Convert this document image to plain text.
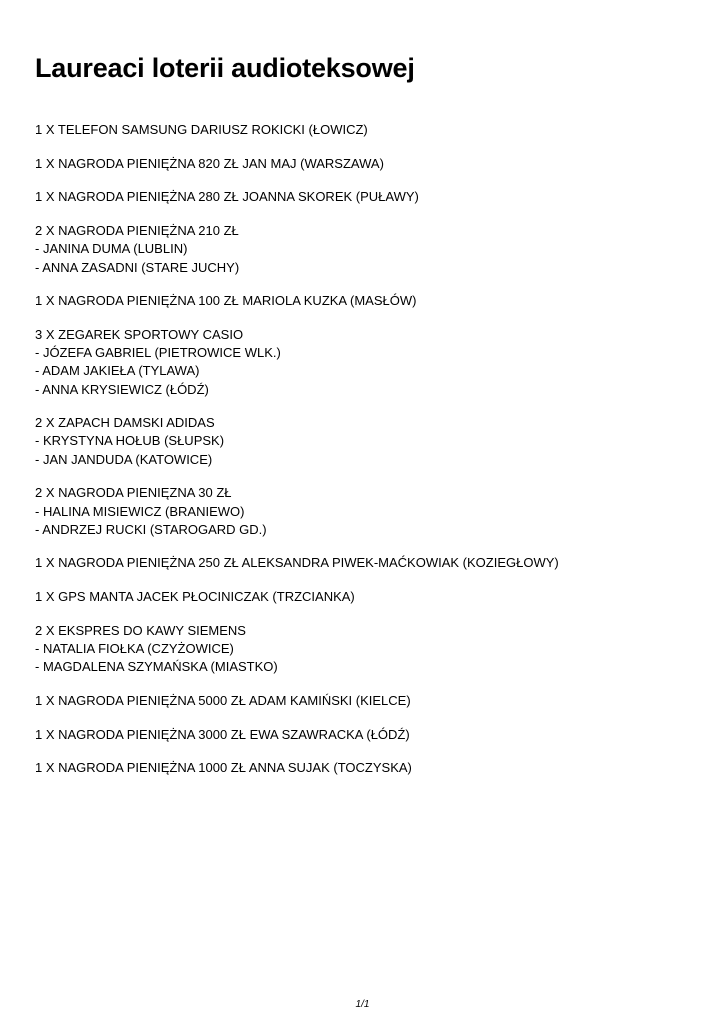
Laureaci loterii audioteksowej
1 X TELEFON SAMSUNG DARIUSZ ROKICKI (ŁOWICZ)
1 X NAGRODA PIENIĘŻNA 820 ZŁ JAN MAJ (WARSZAWA)
1 X NAGRODA PIENIĘŻNA 280 ZŁ JOANNA SKOREK (PUŁAWY)
2 X NAGRODA PIENIĘŻNA 210 ZŁ
- JANINA DUMA (LUBLIN)
- ANNA ZASADNI (STARE JUCHY)
1 X NAGRODA PIENIĘŻNA 100 ZŁ MARIOLA KUZKA (MASŁÓW)
3 X ZEGAREK SPORTOWY CASIO
- JÓZEFA GABRIEL (PIETROWICE WLK.)
- ADAM JAKIEŁA (TYLAWA)
- ANNA KRYSIEWICZ (ŁÓDŹ)
2 X ZAPACH DAMSKI ADIDAS
- KRYSTYNA HOŁUB (SŁUPSK)
- JAN JANDUDA (KATOWICE)
2 X NAGRODA PIENIĘZNA 30 ZŁ
- HALINA MISIEWICZ (BRANIEWO)
- ANDRZEJ RUCKI (STAROGARD GD.)
1 X NAGRODA PIENIĘŻNA 250 ZŁ ALEKSANDRA PIWEK-MAĆKOWIAK (KOZIEGŁOWY)
1 X GPS MANTA JACEK PŁOCINICZAK (TRZCIANKA)
2 X EKSPRES DO KAWY SIEMENS
- NATALIA FIOŁKA (CZYŻOWICE)
- MAGDALENA SZYMAŃSKA (MIASTKO)
1 X NAGRODA PIENIĘŻNA 5000 ZŁ ADAM KAMIŃSKI (KIELCE)
1 X NAGRODA PIENIĘŻNA 3000 ZŁ EWA SZAWRACKA (ŁÓDŹ)
1 X NAGRODA PIENIĘŻNA 1000 ZŁ ANNA SUJAK (TOCZYSKA)
1/1
